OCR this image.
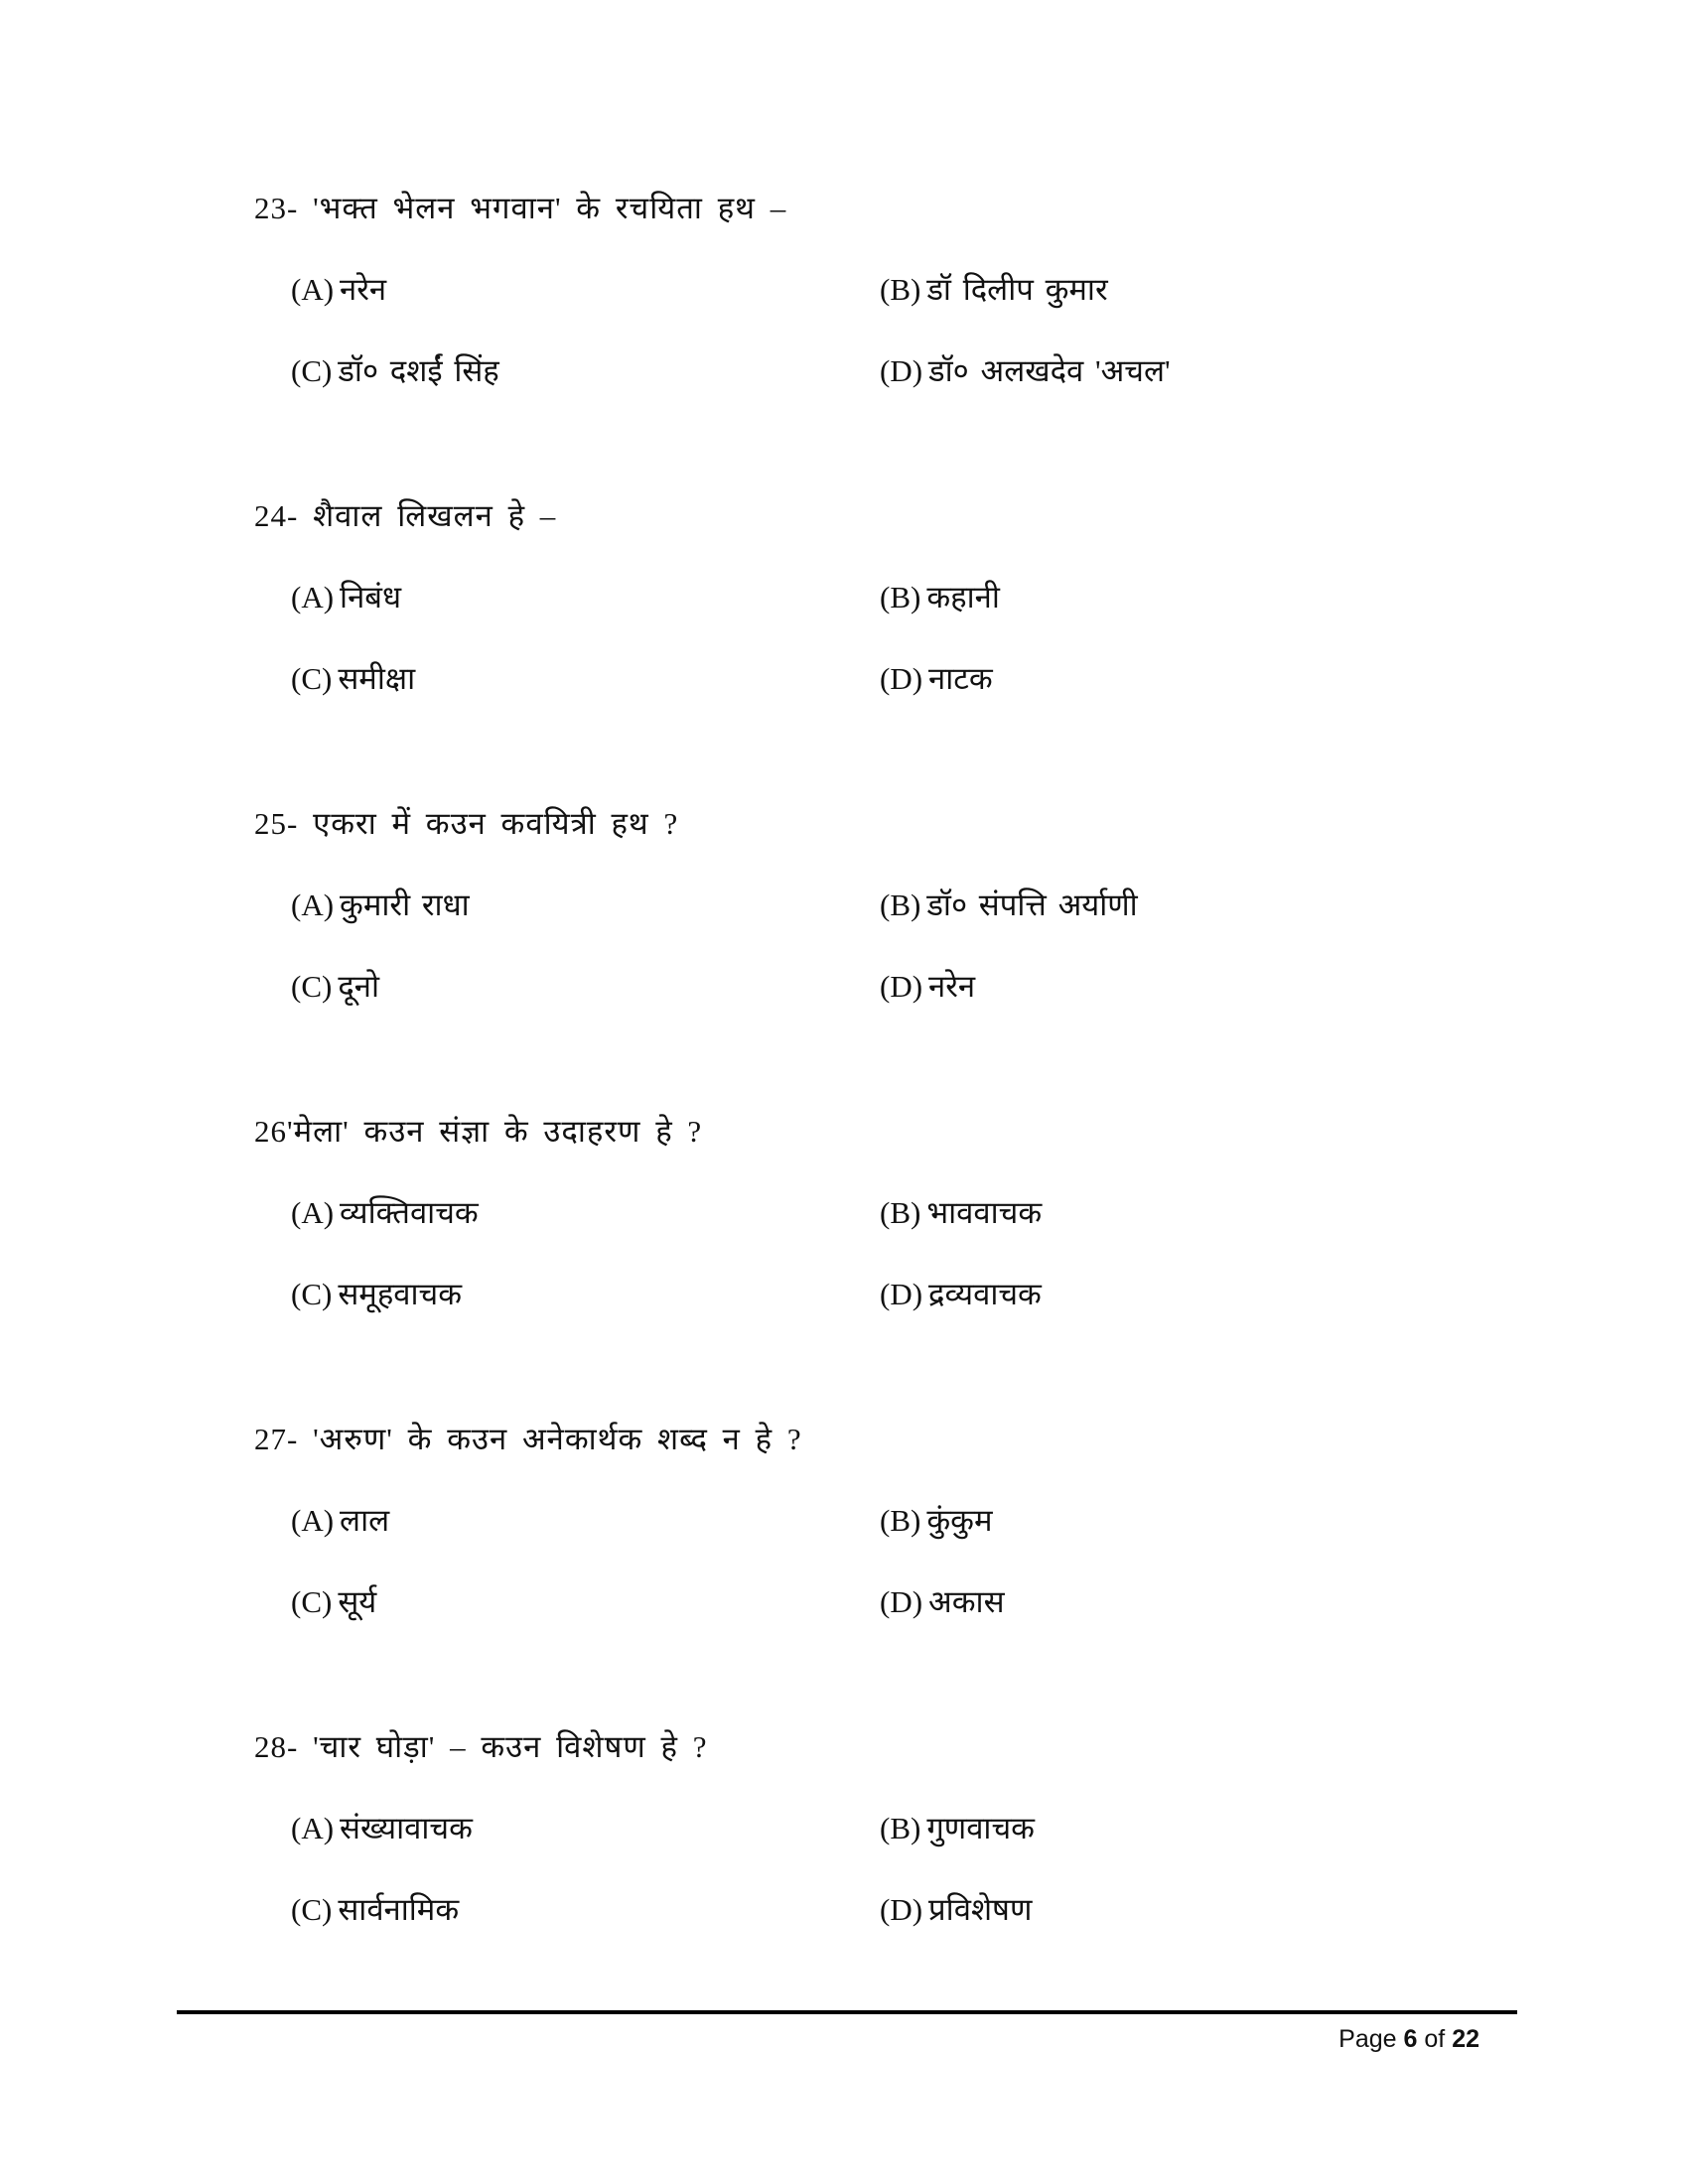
23- 'भक्त भेलन भगवान' के रचयिता हथ –
(A) नरेन	(B) डॉ दिलीप कुमार
(C) डॉ० दशईं सिंह	(D) डॉ० अलखदेव 'अचल'
24- शैवाल लिखलन हे –
(A) निबंध	(B) कहानी
(C) समीक्षा	(D) नाटक
25- एकरा में कउन कवयित्री हथ ?
(A) कुमारी राधा	(B) डॉ० संपत्ति अर्याणी
(C) दूनो	(D) नरेन
26'मेला' कउन संज्ञा के उदाहरण हे ?
(A) व्यक्तिवाचक	(B) भाववाचक
(C) समूहवाचक	(D) द्रव्यवाचक
27- 'अरुण' के कउन अनेकार्थक शब्द न हे ?
(A) लाल	(B) कुंकुम
(C) सूर्य	(D) अकास
28- 'चार घोड़ा' – कउन विशेषण हे ?
(A) संख्यावाचक	(B) गुणवाचक
(C) सार्वनामिक	(D) प्रविशेषण
Page 6 of 22
